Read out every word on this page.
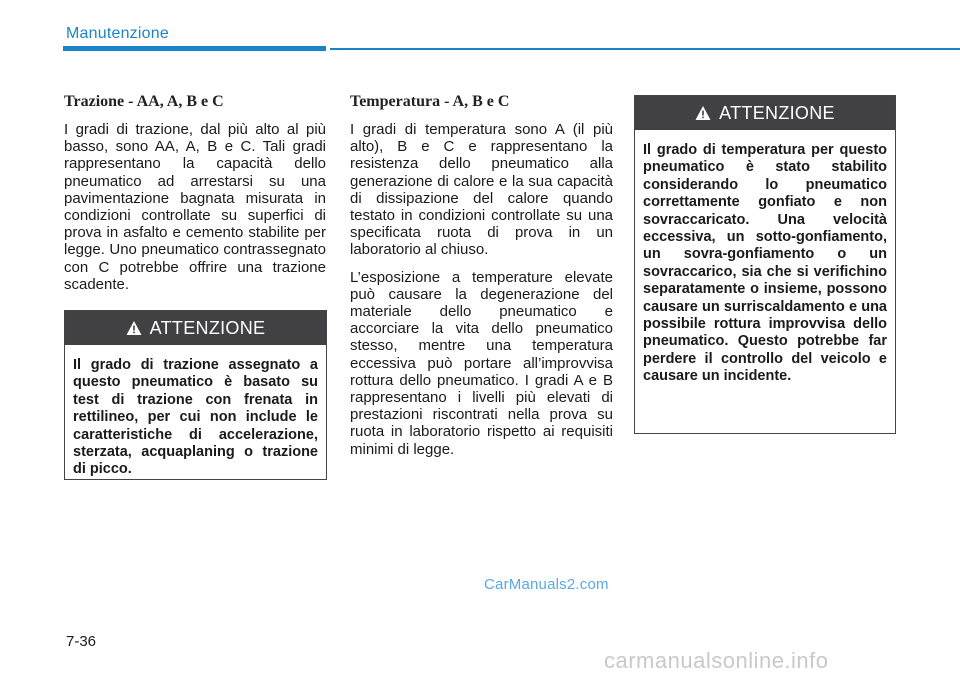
Manutenzione
Trazione - AA, A, B e C

I gradi di trazione, dal più alto al più basso, sono AA, A, B e C. Tali gradi rappresentano la capacità dello pneumatico ad arrestarsi su una pavimentazione bagnata misurata in condizioni controllate su superfici di prova in asfalto e cemento stabilite per legge. Uno pneumatico contrassegnato con C potrebbe offrire una trazione scadente.

ATTENZIONE
Il grado di trazione assegnato a questo pneumatico è basato su test di trazione con frenata in rettilineo, per cui non include le caratteristiche di accelerazione, sterzata, acquaplaning o trazione di picco.
Temperatura - A, B e C

I gradi di temperatura sono A (il più alto), B e C e rappresentano la resistenza dello pneumatico alla generazione di calore e la sua capacità di dissipazione del calore quando testato in condizioni controllate su una specificata ruota di prova in un laboratorio al chiuso.

L’esposizione a temperature elevate può causare la degenerazione del materiale dello pneumatico e accorciare la vita dello pneumatico stesso, mentre una temperatura eccessiva può portare all’improvvisa rottura dello pneumatico. I gradi A e B rappresentano i livelli più elevati di prestazioni riscontrati nella prova su ruota in laboratorio rispetto ai requisiti minimi di legge.

ATTENZIONE
Il grado di temperatura per questo pneumatico è stato stabilito considerando lo pneumatico correttamente gonfiato e non sovraccaricato. Una velocità eccessiva, un sotto-gonfiamento, un sovra-gonfiamento o un sovraccarico, sia che si verifichino separatamente o insieme, possono causare un surriscaldamento e una possibile rottura improvvisa dello pneumatico. Questo potrebbe far perdere il controllo del veicolo e causare un incidente.
CarManuals2.com
7-36
carmanualsonline.info
